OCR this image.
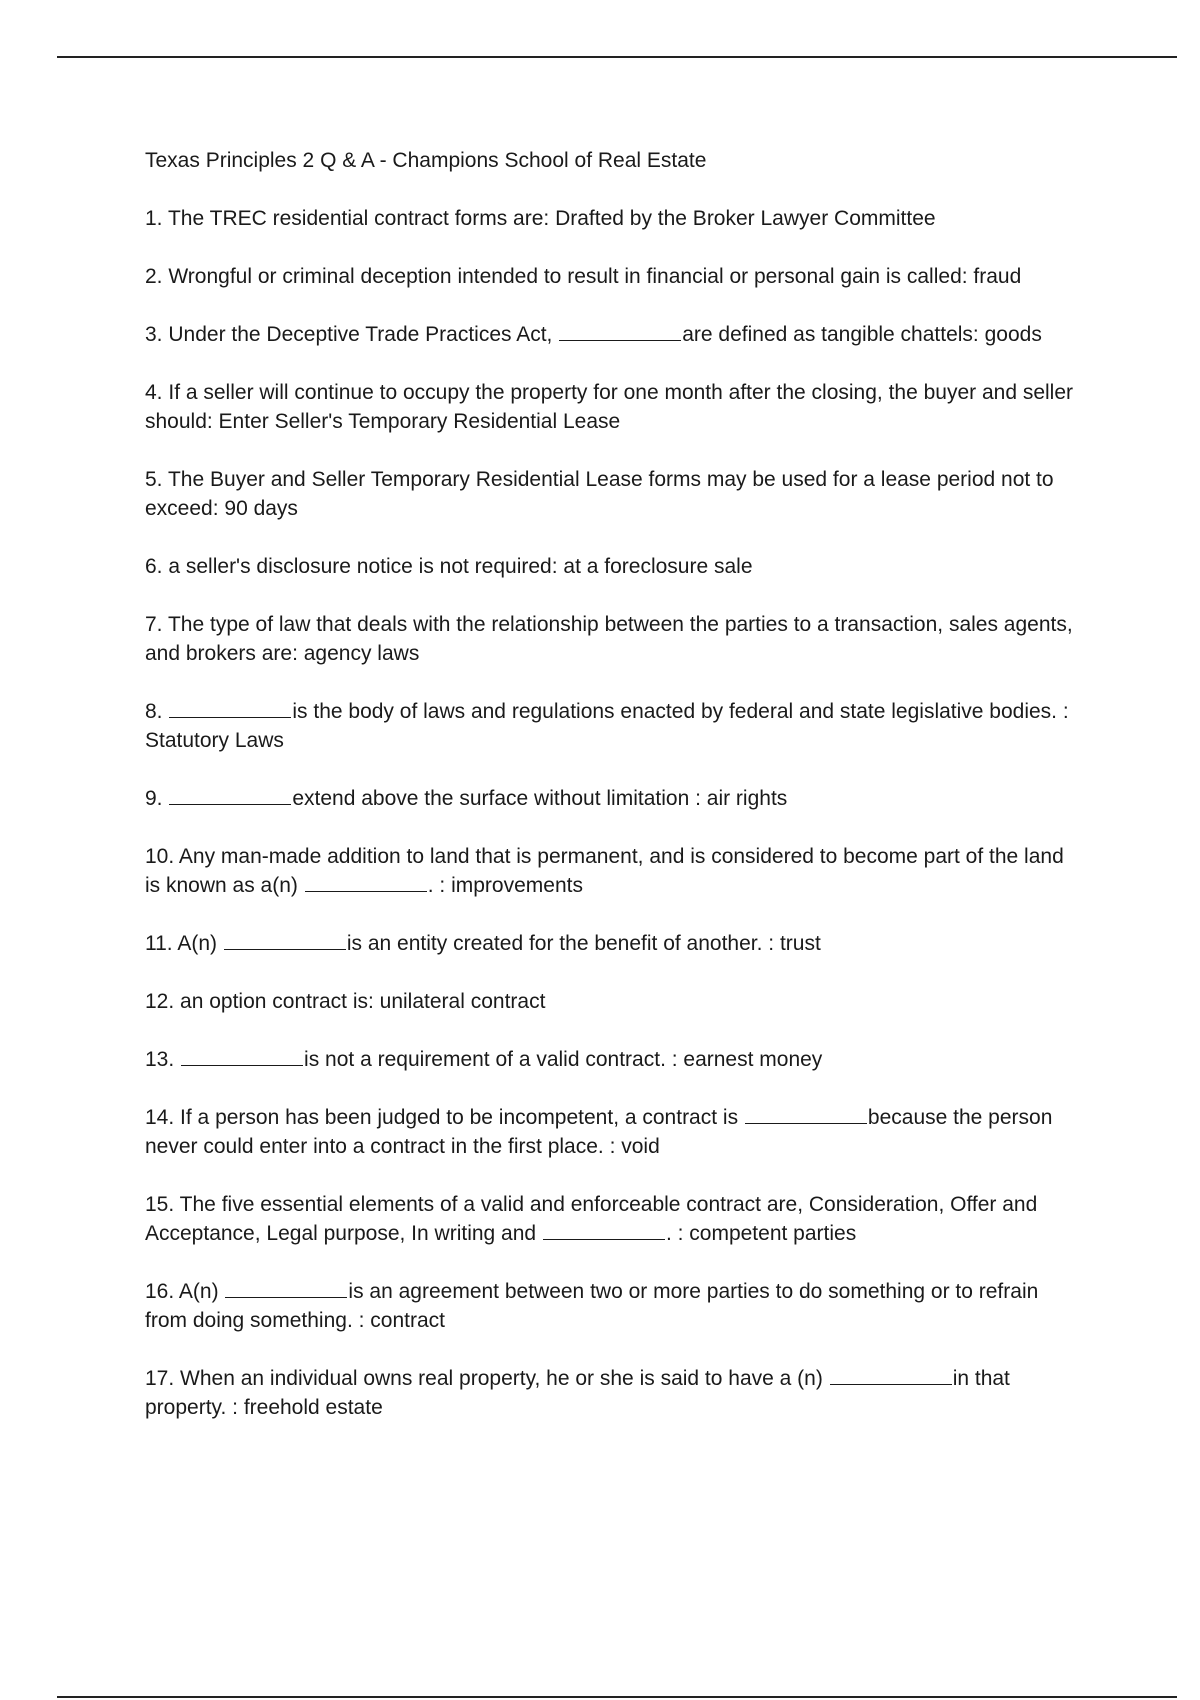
Texas Principles 2 Q & A - Champions School of Real Estate
1. The TREC residential contract forms are: Drafted by the Broker Lawyer Committee
2. Wrongful or criminal deception intended to result in financial or personal gain is called: fraud
3. Under the Deceptive Trade Practices Act,	are defined as tangible chattels: goods
4. If a seller will continue to occupy the property for one month after the closing, the buyer and seller should: Enter Seller's Temporary Residential Lease
5. The Buyer and Seller Temporary Residential Lease forms may be used for a lease period not to exceed: 90 days
6. a seller's disclosure notice is not required: at a foreclosure sale
7. The type of law that deals with the relationship between the parties to a transaction, sales agents, and brokers are: agency laws
8.	is the body of laws and regulations enacted by federal and state legislative bodies. : Statutory Laws
9.	extend above the surface without limitation : air rights
10. Any man-made addition to land that is permanent, and is considered to become part of the land is known as a(n)	. : improvements
11. A(n)	is an entity created for the benefit of another. : trust
12. an option contract is: unilateral contract
13.	is not a requirement of a valid contract. : earnest money
14. If a person has been judged to be incompetent, a contract is	because the person never could enter into a contract in the first place. : void
15. The five essential elements of a valid and enforceable contract are, Consideration, Offer and Acceptance, Legal purpose, In writing and	. : competent parties
16. A(n)	is an agreement between two or more parties to do something or to refrain from doing something. : contract
17. When an individual owns real property, he or she is said to have a (n)	in that property. : freehold estate
